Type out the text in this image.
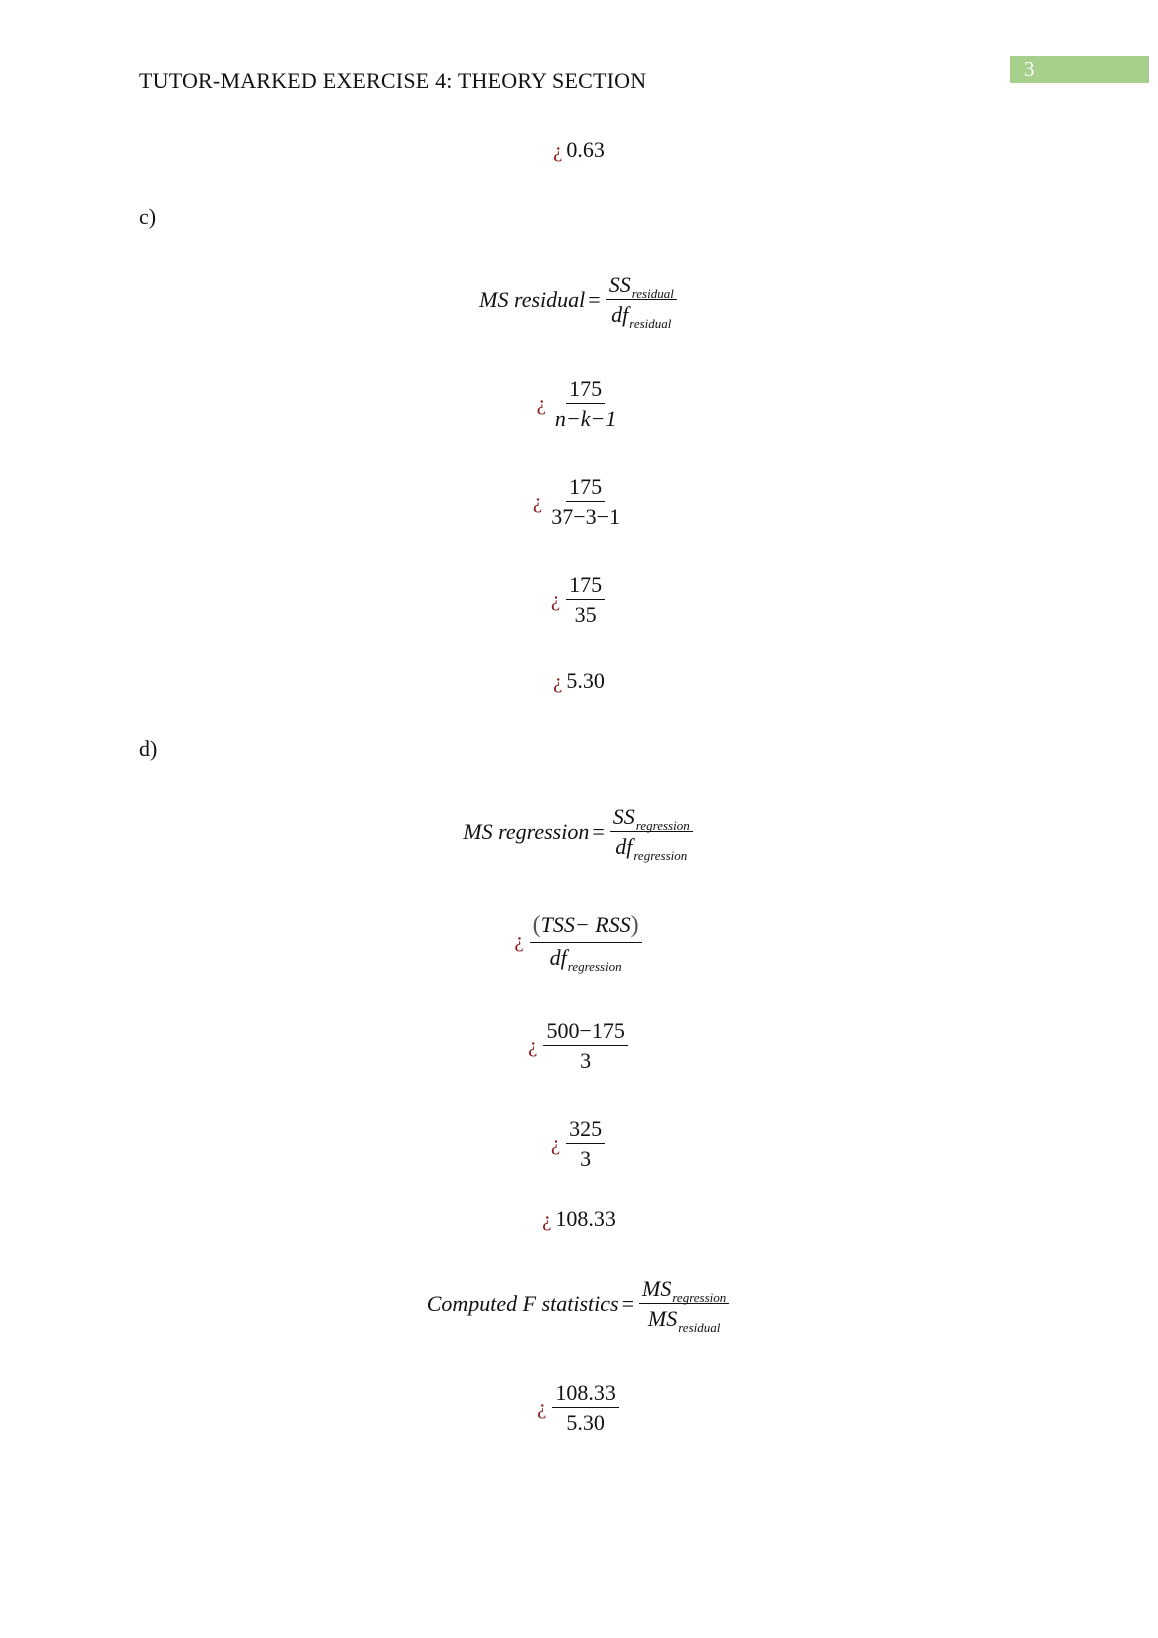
TUTOR-MARKED EXERCISE 4: THEORY SECTION	3
¿ 0.63
c)
MS residual = $\frac{SS_{residual}}{df_{residual}}$
¿ $\frac{175}{n-k-1}$
¿ $\frac{175}{37-3-1}$
¿ $\frac{175}{35}$
¿ 5.30
d)
MS regression = $\frac{SS_{regression}}{df_{regression}}$
¿ $\frac{\text{(TSS− RSS)}}{df_{regression}}$
¿ $\frac{500-175}{3}$
¿ $\frac{325}{3}$
¿ 108.33
Computed F statistics = $\frac{MS_{regression}}{MS_{residual}}$
¿ $\frac{108.33}{5.30}$
